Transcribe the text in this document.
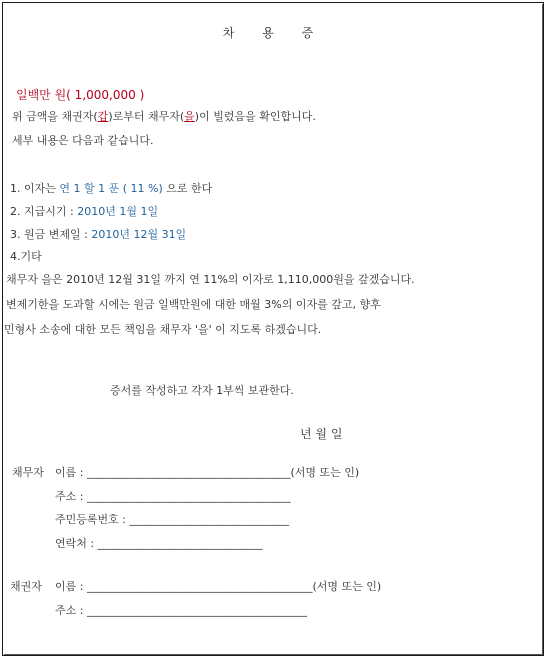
차 용 증
일백만 원( 1,000,000 )
위 금액을 채권자(갑)로부터 채무자(을)이 빌렸음을 확인합니다.
세부 내용은 다음과 같습니다.
1. 이자는 연 1 할 1 푼 ( 11 %) 으로 한다
2. 지급시기 : 2010년 1월 1일
3. 원금 변제일 : 2010년 12월 31일
4.기타
채무자 을은 2010년 12월 31일 까지 연 11%의 이자로 1,110,000원을 갚겠습니다.
변제기한을 도과할 시에는 원금 일백만원에 대한 매월 3%의 이자를 갚고, 향후
민형사 소송에 대한 모든 책임을 채무자 '을' 이 지도록 하겠습니다.
증서를 작성하고 각자 1부씩 보관한다.
년 월 일
채무자 이름 : _____________________________________(서명 또는 인)
주소 : _____________________________________
주민등록번호 : _____________________________
연락처 : ______________________________
채권자 이름 : _________________________________________(서명 또는 인)
주소 : ________________________________________
